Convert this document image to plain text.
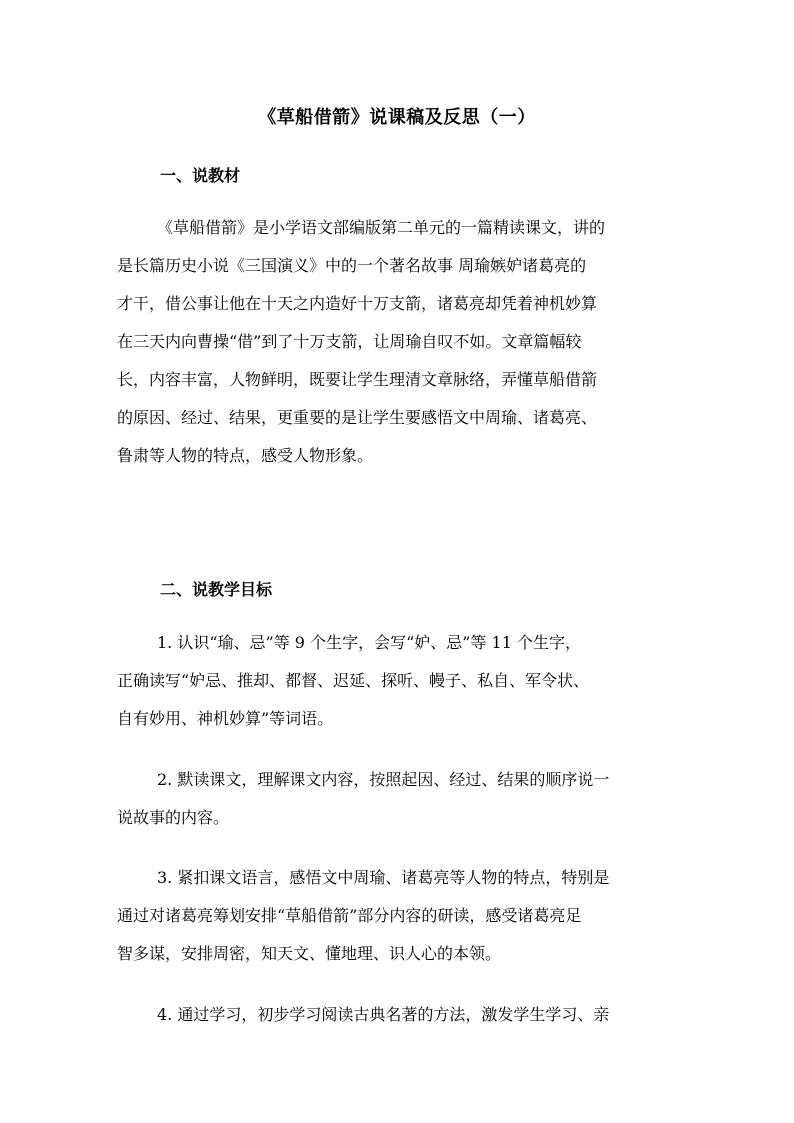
《草船借箭》说课稿及反思（一）
一、说教材
《草船借箭》是小学语文部编版第二单元的一篇精读课文，讲的
是长篇历史小说《三国演义》中的一个著名故事 周瑜嫉妒诸葛亮的
才干，借公事让他在十天之内造好十万支箭，诸葛亮却凭着神机妙算
在三天内向曹操“借”到了十万支箭，让周瑜自叹不如。文章篇幅较
长，内容丰富，人物鲜明，既要让学生理清文章脉络，弄懂草船借箭
的原因、经过、结果，更重要的是让学生要感悟文中周瑜、诸葛亮、
鲁肃等人物的特点，感受人物形象。
二、说教学目标
1. 认识“瑜、忌”等 9 个生字，会写“妒、忌”等 11 个生字，
正确读写“妒忌、推却、都督、迟延、探听、幔子、私自、军令状、
自有妙用、神机妙算”等词语。
2. 默读课文，理解课文内容，按照起因、经过、结果的顺序说一
说故事的内容。
3. 紧扣课文语言，感悟文中周瑜、诸葛亮等人物的特点，特别是
通过对诸葛亮筹划安排“草船借箭”部分内容的研读，感受诸葛亮足
智多谋，安排周密，知天文、懂地理、识人心的本领。
4. 通过学习，初步学习阅读古典名著的方法，激发学生学习、亲
